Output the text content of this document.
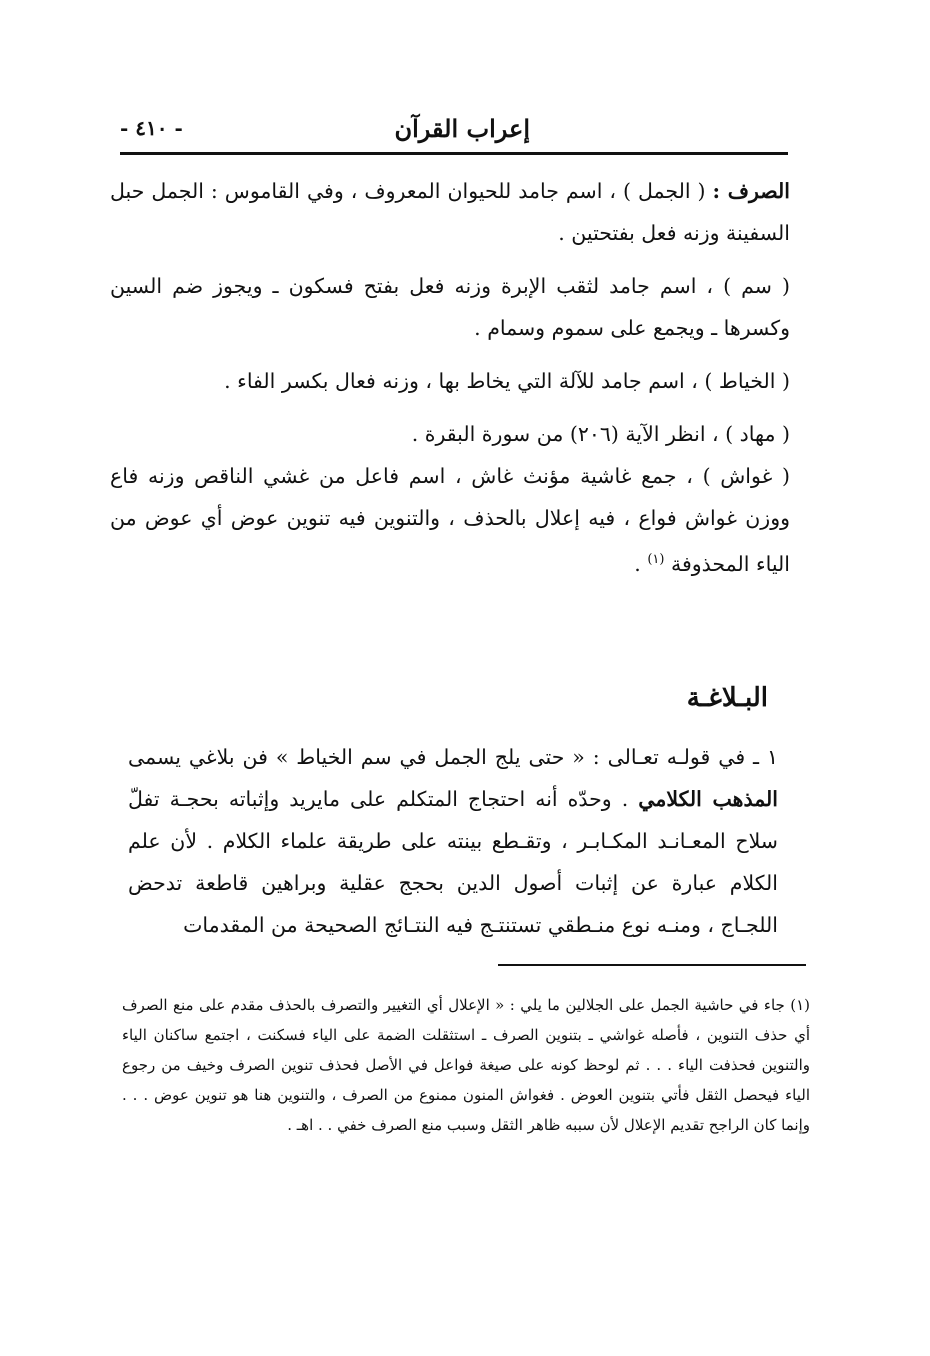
إعراب القرآن
- ٤١٠ -

الصرف : ( الجمل ) ، اسم جامد للحيوان المعروف ، وفي القاموس : الجمل حبل السفينة وزنه فعل بفتحتين .

( سم ) ، اسم جامد لثقب الإبرة وزنه فعل بفتح فسكون ـ ويجوز ضم السين وكسرها ـ ويجمع على سموم وسمام .

( الخياط ) ، اسم جامد للآلة التي يخاط بها ، وزنه فعال بكسر الفاء .

( مهاد ) ، انظر الآية (٢٠٦) من سورة البقرة .

( غواش ) ، جمع غاشية مؤنث غاش ، اسم فاعل من غشي الناقص وزنه فاع ووزن غواش فواع ، فيه إعلال بالحذف ، والتنوين فيه تنوين عوض أي عوض من الياء المحذوفة $^{(١)}$ .

البـلاغـة

١ ـ في قولـه تعـالى : « حتى يلج الجمل في سم الخياط » فن بلاغي يسمى المذهب الكلامي . وحدّه أنه احتجاج المتكلم على مايريد وإثباته بحجـة تفلّ سلاح المعـانـد المكـابـر ، وتقـطع بينته على طريقة علماء الكلام . لأن علم الكلام عبارة عن إثبات أصول الدين بحجج عقلية وبراهين قاطعة تدحض اللجـاج ، ومنـه نوع منـطقي تستنتـج فيه النتـائج الصحيحة من المقدمات

(١) جاء في حاشية الجمل على الجلالين ما يلي : « الإعلال أي التغيير والتصرف بالحذف مقدم على منع الصرف أي حذف التنوين ، فأصله غواشي ـ بتنوين الصرف ـ استثقلت الضمة على الياء فسكنت ، اجتمع ساكنان الياء والتنوين فحذفت الياء . . . ثم لوحظ كونه على صيغة فواعل في الأصل فحذف تنوين الصرف وخيف من رجوع الياء فيحصل الثقل فأتي بتنوين العوض . فغواش المنون ممنوع من الصرف ، والتنوين هنا هو تنوين عوض . . . وإنما كان الراجح تقديم الإعلال لأن سببه ظاهر الثقل وسبب منع الصرف خفي . . اهـ .
